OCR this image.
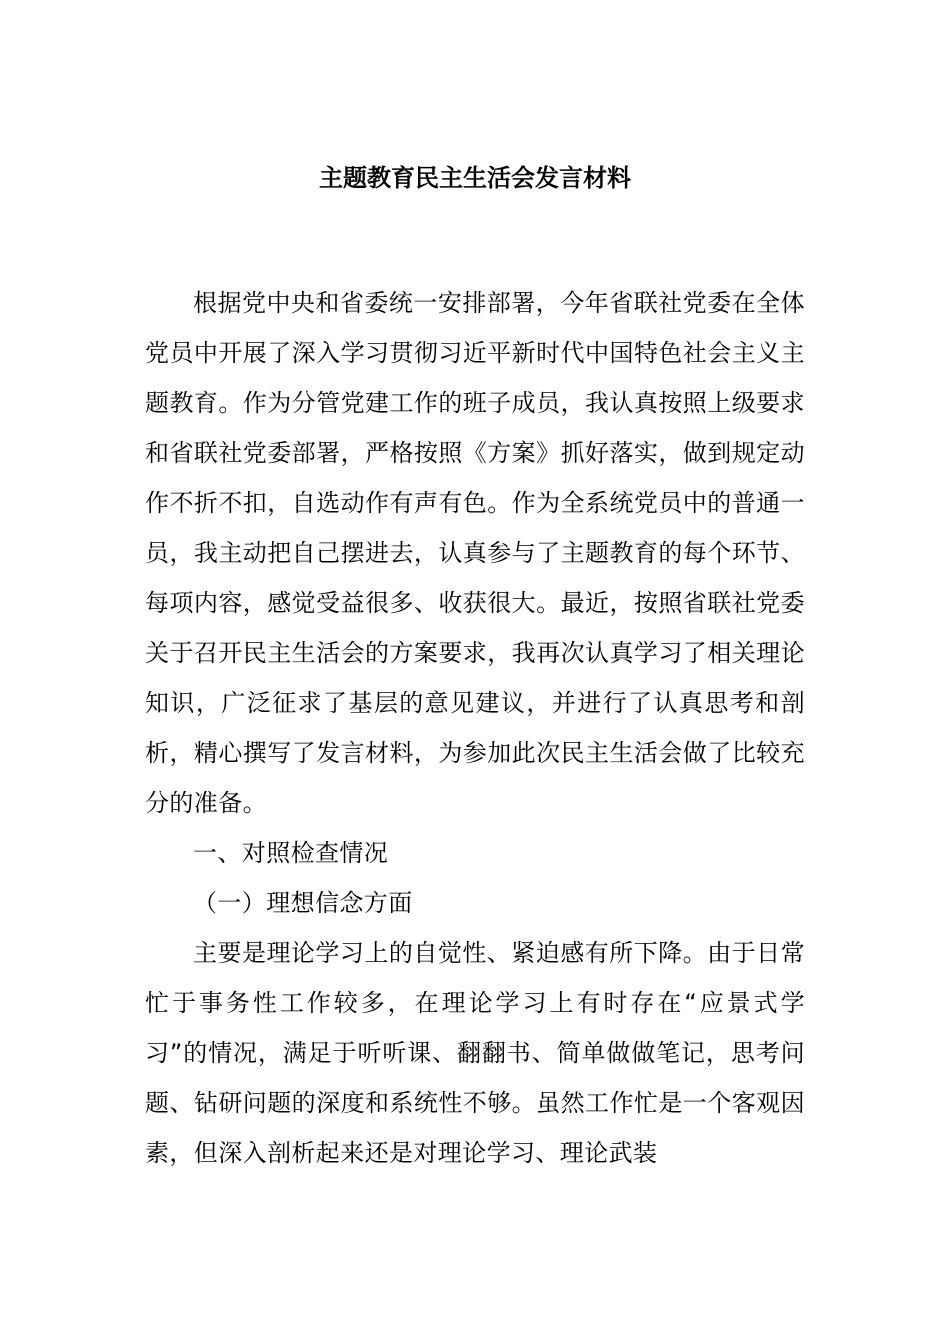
主题教育民主生活会发言材料

根据党中央和省委统一安排部署，今年省联社党委在全体党员中开展了深入学习贯彻习近平新时代中国特色社会主义主题教育。作为分管党建工作的班子成员，我认真按照上级要求和省联社党委部署，严格按照《方案》抓好落实，做到规定动作不折不扣，自选动作有声有色。作为全系统党员中的普通一员，我主动把自己摆进去，认真参与了主题教育的每个环节、每项内容，感觉受益很多、收获很大。最近，按照省联社党委关于召开民主生活会的方案要求，我再次认真学习了相关理论知识，广泛征求了基层的意见建议，并进行了认真思考和剖析，精心撰写了发言材料，为参加此次民主生活会做了比较充分的准备。

一、对照检查情况

（一）理想信念方面

主要是理论学习上的自觉性、紧迫感有所下降。由于日常忙于事务性工作较多，在理论学习上有时存在“应景式学习”的情况，满足于听听课、翻翻书、简单做做笔记，思考问题、钻研问题的深度和系统性不够。虽然工作忙是一个客观因素，但深入剖析起来还是对理论学习、理论武装
